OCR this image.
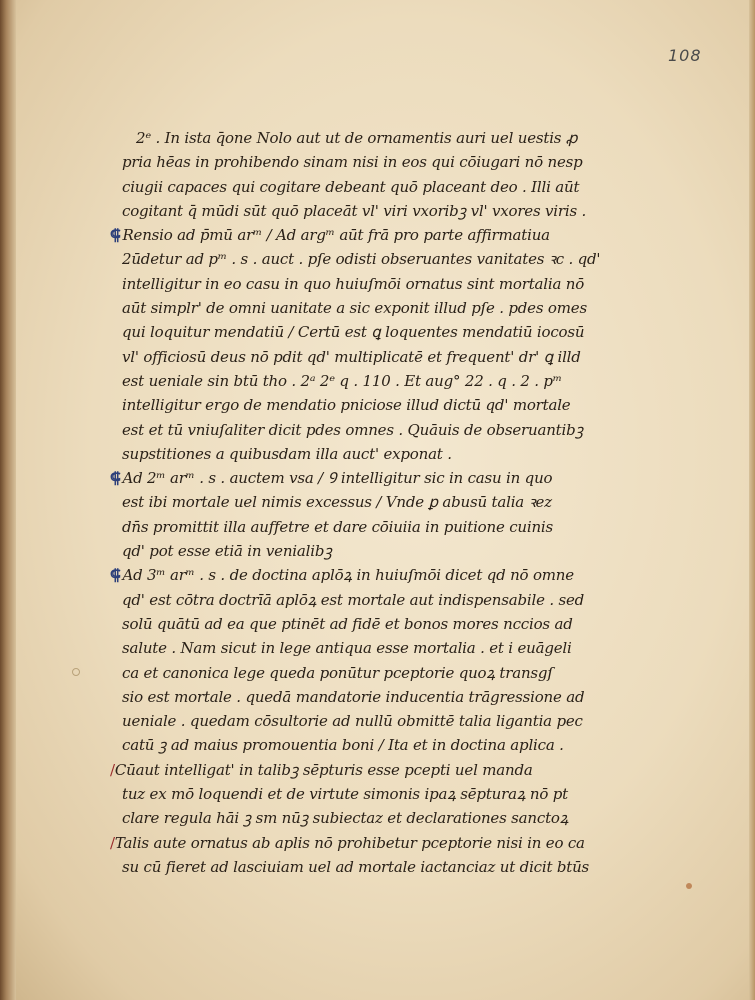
108
2ᵉ . In ista q̄one Nolo aut ut de ornamentis auri uel uestis ꝓ
pria hēas in prohibendo sinam nisi in eos qui cōiugari nō nesp
ciugii capaces qui cogitare debeant quō placeant deo . Illi aūt
cogitant q̄ mūdi sūt quō placeāt vl' viri vxoribꝫ vl' vxores viris .
⸿ Rensio ad p̄mū arᵐ / Ad argᵐ aūt frā pro parte affirmatiua
2ūdetur ad pᵐ . s . auct . pſe odisti obseruantes vanitates ꝛc . qd'
intelligitur in eo casu in quo huiuſmōi ornatus sint mortalia nō
aūt simplr' de omni uanitate a sic exponit illud pſe . pdes omes
qui loquitur mendatiū / Certū est ꝗ loquentes mendatiū iocosū
vl' officiosū deus nō pdit qd' multiplicatē et frequent' dr' ꝗ illd
est ueniale sin btū tho . 2ᵃ 2ᵉ q . 110 . Et aug° 22 . q . 2 . pᵐ
intelligitur ergo de mendatio pniciose illud dictū qd' mortale
est et tū vniuſaliter dicit pdes omnes . Quāuis de obseruantibꝫ
supstitiones a quibusdam illa auct' exponat .
⸿ Ad 2ᵐ arᵐ . s . auctem vsa / Ꝯ intelligitur sic in casu in quo
est ibi mortale uel nimis excessus / Vnde ꝑ abusū talia ꝛez
dn̄s promittit illa auffetre et dare cōiuiia in puitione cuinis
qd' pot esse etiā in venialibꝫ
⸿ Ad 3ᵐ arᵐ . s . de doctina aplōꝝ in huiuſmōi dicet qd nō omne
qd' est cōtra doctrīā aplōꝝ est mortale aut indispensabile . sed
solū quātū ad ea que ptinēt ad fidē et bonos mores nccios ad
salute . Nam sicut in lege antiqua esse mortalia . et i euāgeli
ca et canonica lege queda ponūtur pceptorie quoꝝ transgſ
sio est mortale . quedā mandatorie inducentia trāgressione ad
ueniale . quedam cōsultorie ad nullū obmittē talia ligantia pec
catū ꝫ ad maius promouentia boni / Ita et in doctina aplica .
/Cūaut intelligat' in talibꝫ sēpturis esse pcepti uel manda
tuz ex mō loquendi et de virtute simonis ipaꝝ sēpturaꝝ nō pt
clare regula hāi ꝫ sm nūꝫ subiectaz et declarationes sanctoꝝ
/Talis aute ornatus ab aplis nō prohibetur pceptorie nisi in eo ca
su cū fieret ad lasciuiam uel ad mortale iactanciaz ut dicit btūs
